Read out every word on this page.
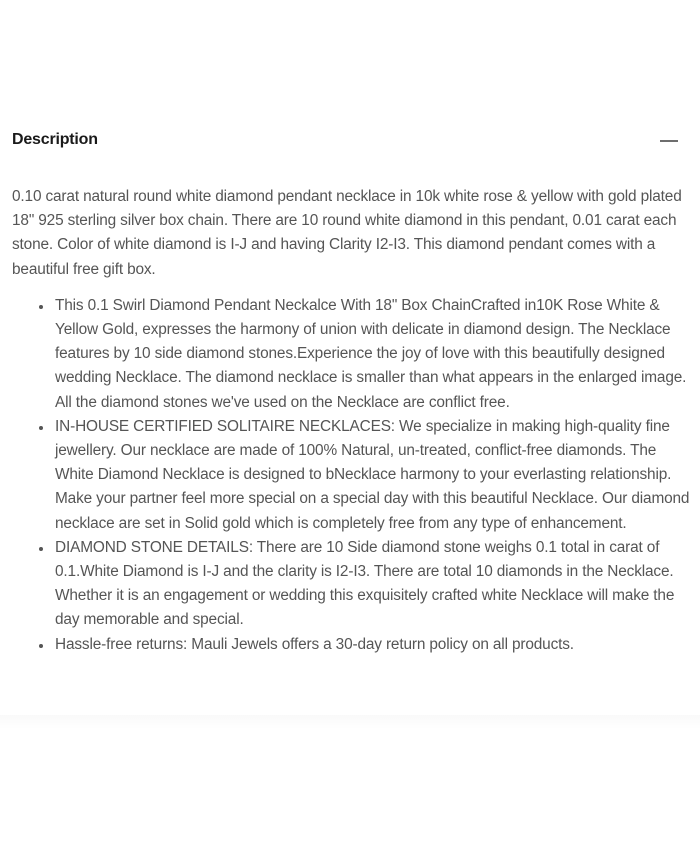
Description

0.10 carat natural round white diamond pendant necklace in 10k white rose & yellow with gold plated 18" 925 sterling silver box chain. There are 10 round white diamond in this pendant, 0.01 carat each stone. Color of white diamond is I-J and having Clarity I2-I3. This diamond pendant comes with a beautiful free gift box.

This 0.1 Swirl Diamond Pendant Neckalce With 18" Box ChainCrafted in10K Rose White & Yellow Gold, expresses the harmony of union with delicate in diamond design. The Necklace features by 10 side diamond stones.Experience the joy of love with this beautifully designed wedding Necklace. The diamond necklace is smaller than what appears in the enlarged image. All the diamond stones we've used on the Necklace are conflict free.
IN-HOUSE CERTIFIED SOLITAIRE NECKLACES: We specialize in making high-quality fine jewellery. Our necklace are made of 100% Natural, un-treated, conflict-free diamonds. The White Diamond Necklace is designed to bNecklace harmony to your everlasting relationship. Make your partner feel more special on a special day with this beautiful Necklace. Our diamond necklace are set in Solid gold which is completely free from any type of enhancement.
DIAMOND STONE DETAILS: There are 10 Side diamond stone weighs 0.1 total in carat of 0.1.White Diamond is I-J and the clarity is I2-I3. There are total 10 diamonds in the Necklace. Whether it is an engagement or wedding this exquisitely crafted white Necklace will make the day memorable and special.
Hassle-free returns: Mauli Jewels offers a 30-day return policy on all products.
